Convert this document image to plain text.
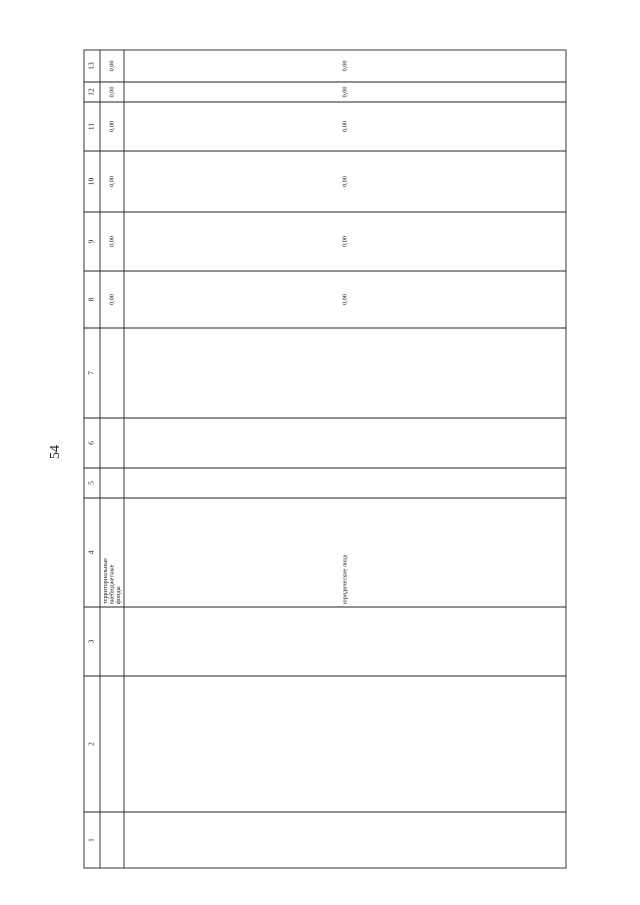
54
1
2
3
4
5
6
7
8
9
10
11
12
13
территориальные внебюджетные фонды
0,00
0,00
0,00
0,00
0,00
0,00
юридические лица
0,00
0,00
0,00
0,00
0,00
0,00
